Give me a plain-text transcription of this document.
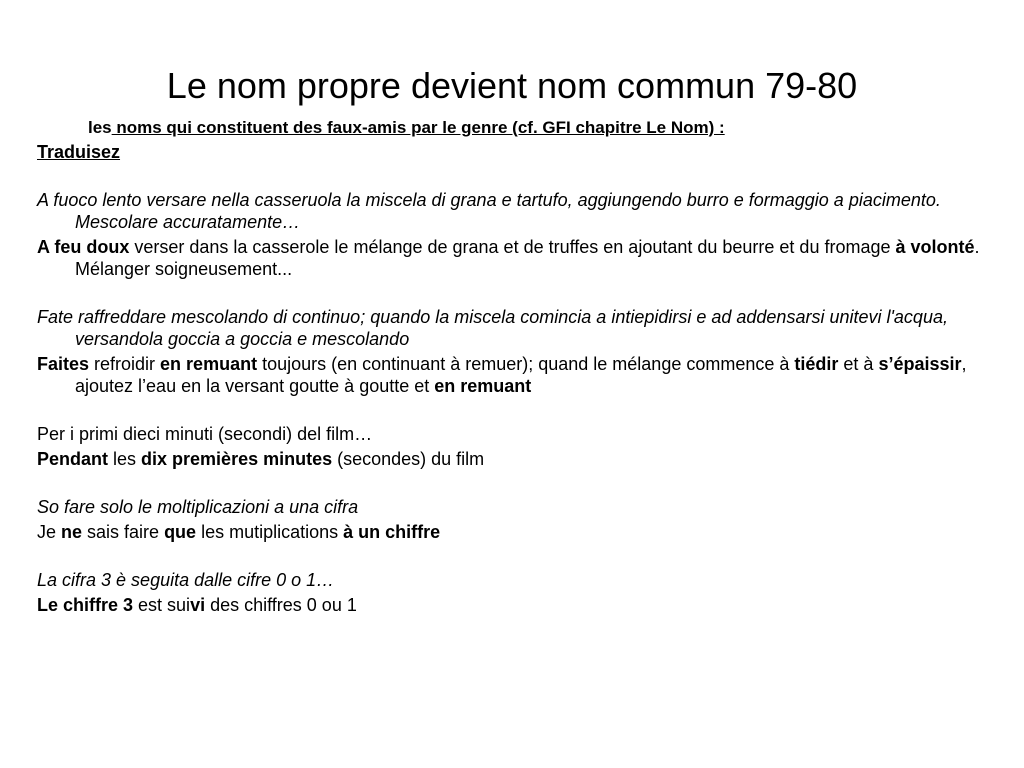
Le nom propre devient nom commun 79-80
les noms qui constituent des faux-amis par le genre (cf. GFI chapitre Le Nom) :

Traduisez

A fuoco lento versare nella casseruola la miscela di grana e tartufo, aggiungendo burro e formaggio a piacimento. Mescolare accuratamente…

A feu doux verser dans la casserole le mélange de grana et de truffes en ajoutant du beurre et du fromage à volonté. Mélanger soigneusement...

Fate raffreddare mescolando di continuo; quando la miscela comincia a intiepidirsi e ad addensarsi unitevi l'acqua, versandola goccia a goccia e mescolando

Faites refroidir en remuant toujours (en continuant à remuer); quand le mélange commence à tiédir et à s’épaissir, ajoutez l’eau en la versant goutte à goutte et en remuant

Per i primi dieci minuti (secondi) del film…

Pendant les dix premières minutes (secondes) du film

So fare solo le moltiplicazioni a una cifra

Je ne sais faire que les mutiplications à un chiffre

La cifra 3 è seguita dalle cifre 0 o 1…

Le chiffre 3 est suivi des chiffres 0 ou 1
